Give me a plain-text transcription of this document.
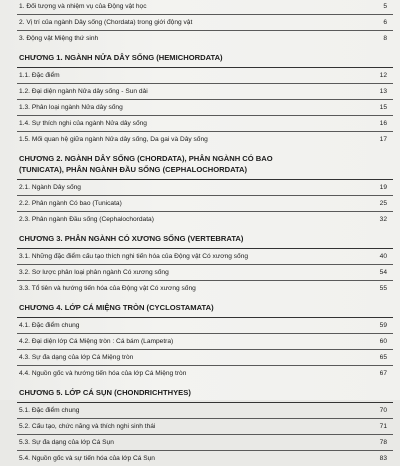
1. Đối tượng và nhiệm vụ của Động vật học	5
2. Vị trí của ngành Dây sống (Chordata) trong giới động vật	6
3. Động vật Miệng thứ sinh	8
CHƯƠNG 1. NGÀNH NỬA DÂY SỐNG (HEMICHORDATA)
1.1. Đặc điểm	12
1.2. Đại diện ngành Nửa dây sống - Sun dải	13
1.3. Phân loại ngành Nửa dây sống	15
1.4. Sự thích nghi của ngành Nửa dây sống	16
1.5. Mối quan hệ giữa ngành Nửa dây sống, Da gai và Dây sống	17
CHƯƠNG 2. NGÀNH DÂY SỐNG (CHORDATA), PHÂN NGÀNH CÓ BAO
(TUNICATA), PHÂN NGÀNH ĐẦU SỐNG (CEPHALOCHORDATA)
2.1. Ngành Dây sống	19
2.2. Phân ngành Có bao (Tunicata)	25
2.3. Phân ngành Đầu sống (Cephalochordata)	32
CHƯƠNG 3. PHÂN NGÀNH CÓ XƯƠNG SỐNG (VERTEBRATA)
3.1. Những đặc điểm cấu tạo thích nghi tiến hóa của Động vật Có xương sống	40
3.2. Sơ lược phân loại phân ngành Có xương sống	54
3.3. Tổ tiên và hướng tiến hóa của Động vật Có xương sống	55
CHƯƠNG 4. LỚP CÁ MIỆNG TRÒN (CYCLOSTAMATA)
4.1. Đặc điểm chung	59
4.2. Đại diện lớp Cá Miệng tròn : Cá bám (Lampetra)	60
4.3. Sự đa dạng của lớp Cá Miệng tròn	65
4.4. Nguồn gốc và hướng tiến hóa của lớp Cá Miệng tròn	67
CHƯƠNG 5. LỚP CÁ SỤN (CHONDRICHTHYES)
5.1. Đặc điểm chung	70
5.2. Cấu tạo, chức năng và thích nghi sinh thái	71
5.3. Sự đa dạng của lớp Cá Sụn	78
5.4. Nguồn gốc và sự tiến hóa của lớp Cá Sụn	83
